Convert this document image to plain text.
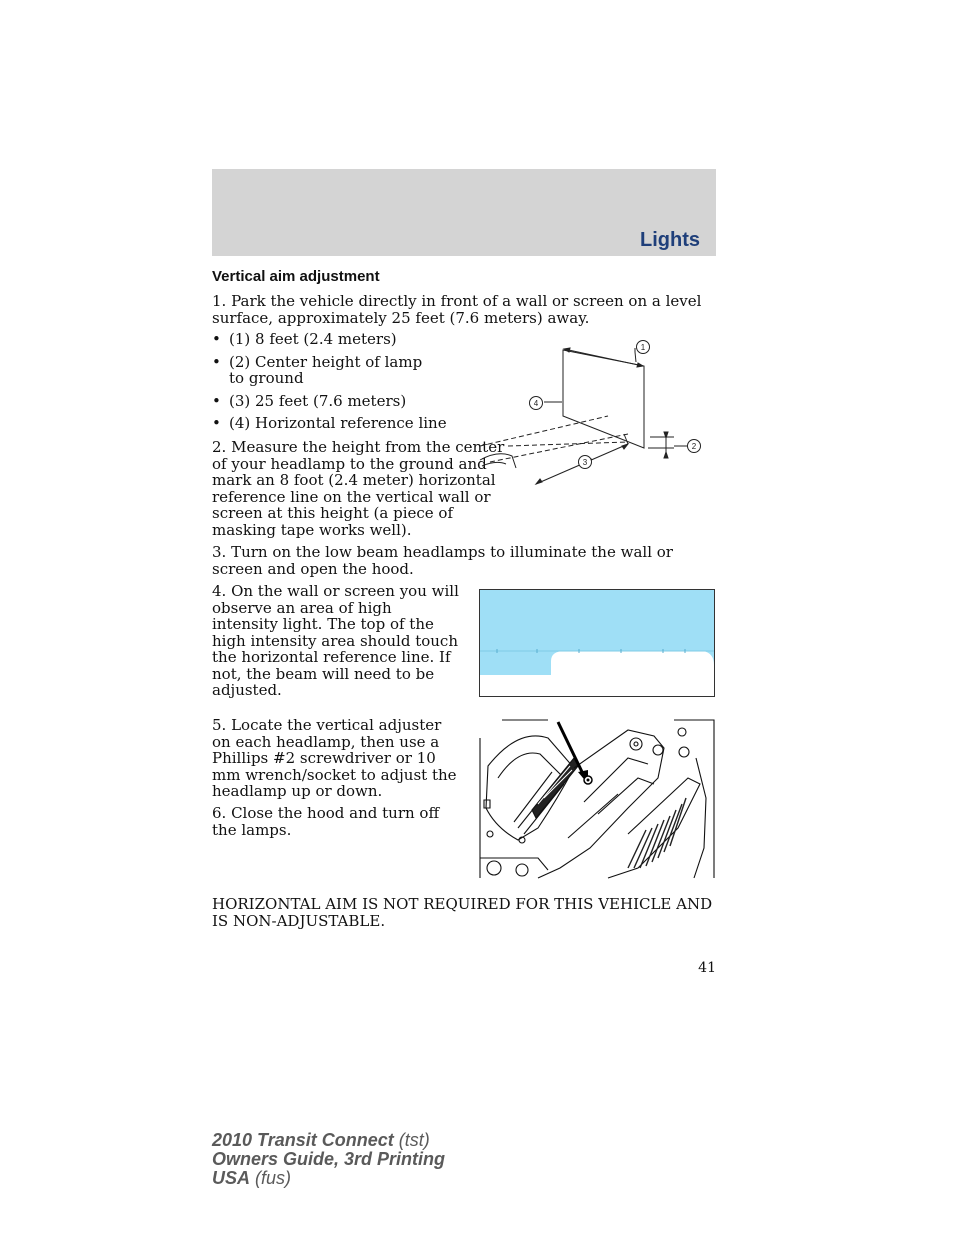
Lights
Vertical aim adjustment

1. Park the vehicle directly in front of a wall or screen on a level surface, approximately 25 feet (7.6 meters) away.

• (1) 8 feet (2.4 meters)
• (2) Center height of lamp to ground
• (3) 25 feet (7.6 meters)
• (4) Horizontal reference line

2. Measure the height from the center of your headlamp to the ground and mark an 8 foot (2.4 meter) horizontal reference line on the vertical wall or screen at this height (a piece of masking tape works well).

3. Turn on the low beam headlamps to illuminate the wall or screen and open the hood.

4. On the wall or screen you will observe an area of high intensity light. The top of the high intensity area should touch the horizontal reference line. If not, the beam will need to be adjusted.

5. Locate the vertical adjuster on each headlamp, then use a Phillips #2 screwdriver or 10 mm wrench/socket to adjust the headlamp up or down.

6. Close the hood and turn off the lamps.

HORIZONTAL AIM IS NOT REQUIRED FOR THIS VEHICLE AND IS NON-ADJUSTABLE.

1
2
3
4
41
2010 Transit Connect (tst)
Owners Guide, 3rd Printing
USA (fus)
